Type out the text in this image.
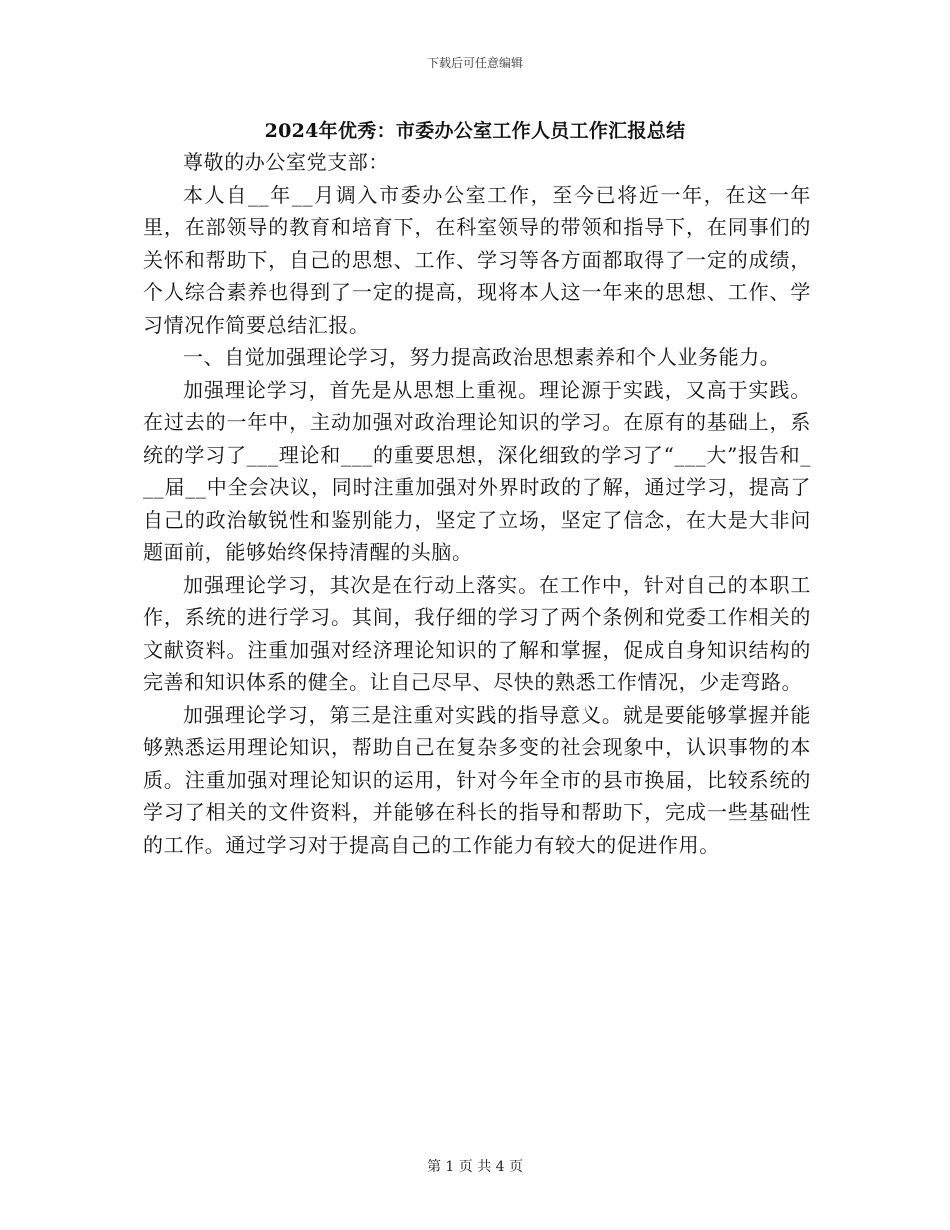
下载后可任意编辑
2024年优秀：市委办公室工作人员工作汇报总结

尊敬的办公室党支部：

本人自__年__月调入市委办公室工作，至今已将近一年，在这一年里，在部领导的教育和培育下，在科室领导的带领和指导下，在同事们的关怀和帮助下，自己的思想、工作、学习等各方面都取得了一定的成绩，个人综合素养也得到了一定的提高，现将本人这一年来的思想、工作、学习情况作简要总结汇报。

一、自觉加强理论学习，努力提高政治思想素养和个人业务能力。

加强理论学习，首先是从思想上重视。理论源于实践，又高于实践。在过去的一年中，主动加强对政治理论知识的学习。在原有的基础上，系统的学习了___理论和___的重要思想，深化细致的学习了“___大”报告和___届__中全会决议，同时注重加强对外界时政的了解，通过学习，提高了自己的政治敏锐性和鉴别能力，坚定了立场，坚定了信念，在大是大非问题面前，能够始终保持清醒的头脑。

加强理论学习，其次是在行动上落实。在工作中，针对自己的本职工作，系统的进行学习。其间，我仔细的学习了两个条例和党委工作相关的文献资料。注重加强对经济理论知识的了解和掌握，促成自身知识结构的完善和知识体系的健全。让自己尽早、尽快的熟悉工作情况，少走弯路。

加强理论学习，第三是注重对实践的指导意义。就是要能够掌握并能够熟悉运用理论知识，帮助自己在复杂多变的社会现象中，认识事物的本质。注重加强对理论知识的运用，针对今年全市的县市换届，比较系统的学习了相关的文件资料，并能够在科长的指导和帮助下，完成一些基础性的工作。通过学习对于提高自己的工作能力有较大的促进作用。

第 1 页 共 4 页
